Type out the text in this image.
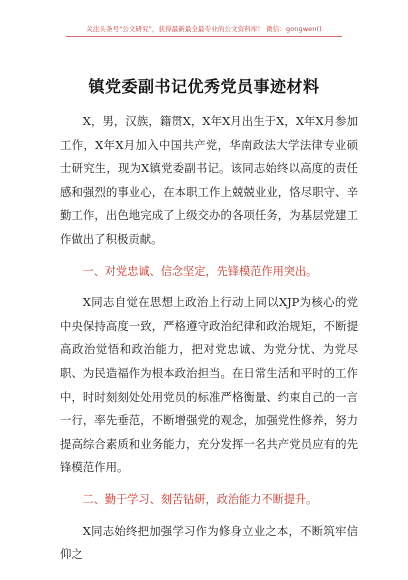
关注头条号"公文研究"，获得最新最全最专业的公文资料库！ 微信：gongwen()
镇党委副书记优秀党员事迹材料

X，男，汉族，籍贯X，X年X月出生于X，X年X月参加工作，X年X月加入中国共产党，华南政法大学法律专业硕士研究生，现为X镇党委副书记。该同志始终以高度的责任感和强烈的事业心，在本职工作上兢兢业业，恪尽职守、辛勤工作，出色地完成了上级交办的各项任务，为基层党建工作做出了积极贡献。

一、对党忠诚、信念坚定，先锋模范作用突出。

X同志自觉在思想上政治上行动上同以XJP为核心的党中央保持高度一致，严格遵守政治纪律和政治规矩，不断提高政治觉悟和政治能力，把对党忠诚、为党分忧、为党尽职、为民造福作为根本政治担当。在日常生活和平时的工作中，时时刻刻处处用党员的标准严格衡量、约束自己的一言一行，率先垂范，不断增强党的观念，加强党性修养，努力提高综合素质和业务能力，充分发挥一名共产党员应有的先锋模范作用。

二、勤于学习、刻苦钻研，政治能力不断提升。

X同志始终把加强学习作为修身立业之本，不断筑牢信仰之
